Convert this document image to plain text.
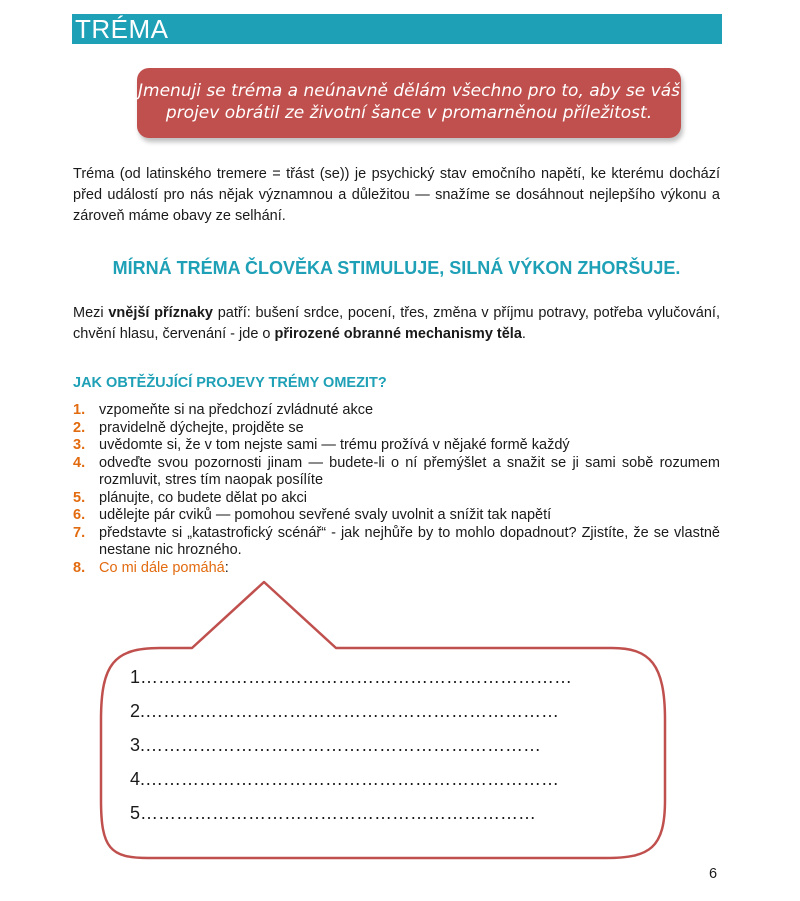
TRÉMA
Jmenuji se tréma a neúnavně dělám všechno pro to, aby se váš
projev obrátil ze životní šance v promarněnou příležitost.

Tréma (od latinského tremere = třást (se)) je psychický stav emočního napětí, ke kterému dochází před událostí pro nás nějak významnou a důležitou — snažíme se dosáhnout nejlepšího výkonu a zároveň máme obavy ze selhání.

MÍRNÁ TRÉMA ČLOVĚKA STIMULUJE, SILNÁ VÝKON ZHORŠUJE.

Mezi vnější příznaky patří: bušení srdce, pocení, třes, změna v příjmu potravy, potřeba vylučování, chvění hlasu, červenání - jde o přirozené obranné mechanismy těla.

JAK OBTĚŽUJÍCÍ PROJEVY TRÉMY OMEZIT?
1. vzpomeňte si na předchozí zvládnuté akce
2. pravidelně dýchejte, projděte se
3. uvědomte si, že v tom nejste sami — trému prožívá v nějaké formě každý
4. odveďte svou pozornosti jinam — budete-li o ní přemýšlet a snažit se ji sami sobě rozumem rozmluvit, stres tím naopak posílíte
5. plánujte, co budete dělat po akci
6. udělejte pár cviků — pomohou sevřené svaly uvolnit a snížit tak napětí
7. představte si „katastrofický scénář“ - jak nejhůře by to mohlo dopadnout? Zjistíte, že se vlastně nestane nic hrozného.
8. Co mi dále pomáhá:
1………………………………………………………………
2.……………………………………………………………
3.…………………………………………………………
4.……………………………………………………………
5…………………………………………………………
6
